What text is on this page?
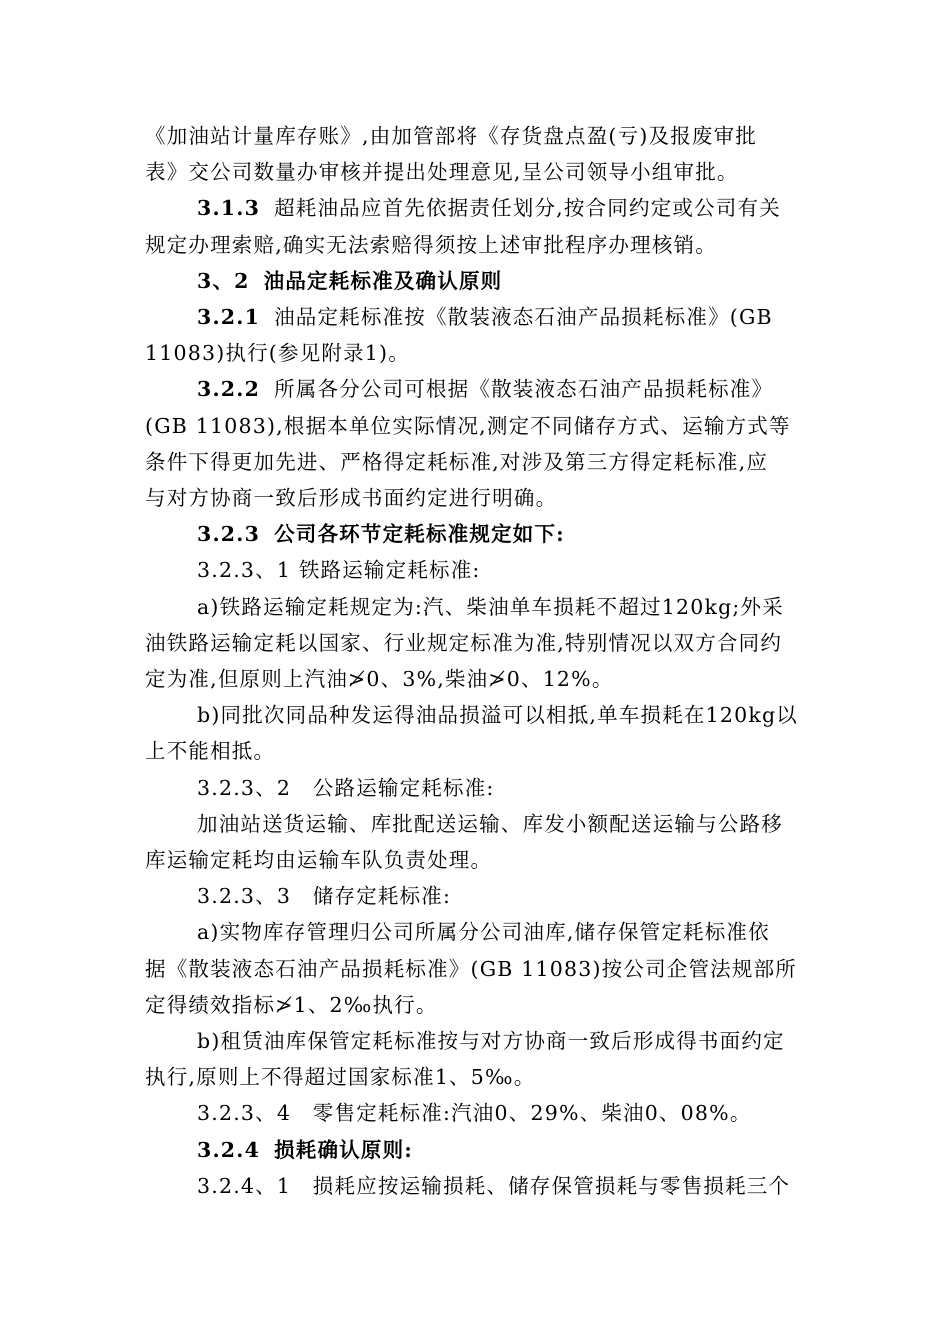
《加油站计量库存账》,由加管部将《存货盘点盈(亏)及报废审批
表》交公司数量办审核并提出处理意见,呈公司领导小组审批。

3.1.3 超耗油品应首先依据责任划分,按合同约定或公司有关
规定办理索赔,确实无法索赔得须按上述审批程序办理核销。

3、2 油品定耗标准及确认原则

3.2.1 油品定耗标准按《散装液态石油产品损耗标准》(GB
11083)执行(参见附录1)。

3.2.2 所属各分公司可根据《散装液态石油产品损耗标准》
(GB 11083),根据本单位实际情况,测定不同储存方式、运输方式等
条件下得更加先进、严格得定耗标准,对涉及第三方得定耗标准,应
与对方协商一致后形成书面约定进行明确。

3.2.3 公司各环节定耗标准规定如下:

3.2.3、1 铁路运输定耗标准:

a)铁路运输定耗规定为:汽、柴油单车损耗不超过120kg;外采
油铁路运输定耗以国家、行业规定标准为准,特别情况以双方合同约
定为准,但原则上汽油≯0、3%,柴油≯0、12%。

b)同批次同品种发运得油品损溢可以相抵,单车损耗在120kg以
上不能相抵。

3.2.3、2　公路运输定耗标准:

加油站送货运输、库批配送运输、库发小额配送运输与公路移
库运输定耗均由运输车队负责处理。

3.2.3、3　储存定耗标准:

a)实物库存管理归公司所属分公司油库,储存保管定耗标准依
据《散装液态石油产品损耗标准》(GB 11083)按公司企管法规部所
定得绩效指标≯1、2‰执行。

b)租赁油库保管定耗标准按与对方协商一致后形成得书面约定
执行,原则上不得超过国家标准1、5‰。

3.2.3、4　零售定耗标准:汽油0、29%、柴油0、08%。

3.2.4 损耗确认原则:

3.2.4、1　损耗应按运输损耗、储存保管损耗与零售损耗三个
